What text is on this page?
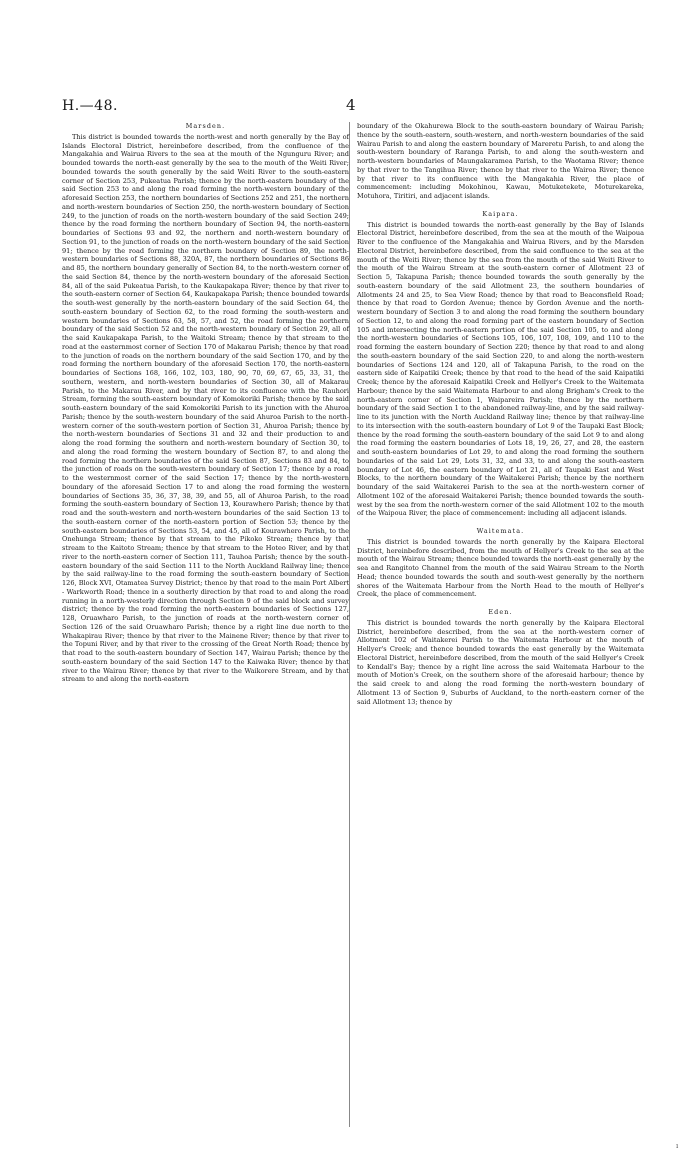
H.—48.	4
Marsden.

This district is bounded towards the north-west and north generally by the Bay of Islands Electoral District, hereinbefore described, from the confluence of the Mangakahia and Wairua Rivers to the sea at the mouth of the Ngunguru River; and bounded towards the north-east generally by the sea to the mouth of the Weiti River; bounded towards the south generally by the said Weiti River to the south-eastern corner of Section 253, Pukeatua Parish; thence by the north-eastern boundary of the said Section 253 to and along the road forming the north-western boundary of the aforesaid Section 253, the northern boundaries of Sections 252 and 251, the northern and north-western boundaries of Section 250, the north-western boundary of Section 249, to the junction of roads on the north-western boundary of the said Section 249; thence by the road forming the northern boundary of Section 94, the north-eastern boundaries of Sections 93 and 92, the northern and north-western boundary of Section 91, to the junction of roads on the north-western boundary of the said Section 91; thence by the road forming the northern boundary of Section 89, the north-western boundaries of Sections 88, 320A, 87, the northern boundaries of Sections 86 and 85, the northern boundary generally of Section 84, to the north-western corner of the said Section 84, thence by the north-western boundary of the aforesaid Section 84, all of the said Pukeatua Parish, to the Kaukapakapa River; thence by that river to the south-eastern corner of Section 64, Kaukapakapa Parish; thence bounded towards the south-west generally by the north-eastern boundary of the said Section 64, the south-eastern boundary of Section 62, to the road forming the south-western and western boundaries of Sections 63, 58, 57, and 52, the road forming the northern boundary of the said Section 52 and the north-western boundary of Section 29, all of the said Kaukapakapa Parish, to the Waitoki Stream; thence by that stream to the road at the easternmost corner of Section 170 of Makarau Parish; thence by that road to the junction of roads on the northern boundary of the said Section 170, and by the road forming the northern boundary of the aforesaid Section 170, the north-eastern boundaries of Sections 168, 166, 102, 103, 180, 90, 70, 69, 67, 65, 33, 31, the southern, western, and north-western boundaries of Section 30, all of Makarau Parish, to the Makarau River, and by that river to its confluence with the Rauhori Stream, forming the south-eastern boundary of Komokoriki Parish; thence by the said south-eastern boundary of the said Komokoriki Parish to its junction with the Ahuroa Parish; thence by the south-western boundary of the said Ahuroa Parish to the north-western corner of the south-western portion of Section 31, Ahuroa Parish; thence by the north-western boundaries of Sections 31 and 32 and their production to and along the road forming the southern and north-western boundary of Section 30, to and along the road forming the western boundary of Section 87, to and along the road forming the northern boundaries of the said Section 87, Sections 83 and 84, to the junction of roads on the south-western boundary of Section 17; thence by a road to the westernmost corner of the said Section 17; thence by the north-western boundary of the aforesaid Section 17 to and along the road forming the western boundaries of Sections 35, 36, 37, 38, 39, and 55, all of Ahuroa Parish, to the road forming the south-eastern boundary of Section 13, Kourawhero Parish; thence by that road and the south-western and north-western boundaries of the said Section 13 to the south-eastern corner of the north-eastern portion of Section 53; thence by the south-eastern boundaries of Sections 53, 54, and 45, all of Kourawhero Parish, to the Onehunga Stream; thence by that stream to the Pikoko Stream; thence by that stream to the Kaitoto Stream; thence by that stream to the Hoteo River, and by that river to the north-eastern corner of Section 111, Tauhoa Parish; thence by the south-eastern boundary of the said Section 111 to the North Auckland Railway line; thence by the said railway-line to the road forming the south-eastern boundary of Section 126, Block XVI, Otamatea Survey District; thence by that road to the main Port Albert - Warkworth Road; thence in a southerly direction by that road to and along the road running in a north-westerly direction through Section 9 of the said block and survey district; thence by the road forming the north-eastern boundaries of Sections 127, 128, Oruawharo Parish, to the junction of roads at the north-western corner of Section 126 of the said Oruawharo Parish; thence by a right line due north to the Whakapirau River; thence by that river to the Mainene River; thence by that river to the Topuni River, and by that river to the crossing of the Great North Road; thence by that road to the south-eastern boundary of Section 147, Wairau Parish; thence by the south-eastern boundary of the said Section 147 to the Kaiwaka River; thence by that river to the Wairau River; thence by that river to the Waikorere Stream, and by that stream to and along the north-eastern

boundary of the Okahurewa Block to the south-eastern boundary of Wairau Parish; thence by the south-eastern, south-western, and north-western boundaries of the said Wairau Parish to and along the eastern boundary of Mareretu Parish, to and along the south-western boundary of Raranga Parish, to and along the south-western and north-western boundaries of Maungakaramea Parish, to the Waotama River; thence by that river to the Tangihua River; thence by that river to the Wairoa River; thence by that river to its confluence with the Mangakahia River, the place of commencement: including Mokohinou, Kawau, Motuketekete, Moturekareka, Motuhora, Tiritiri, and adjacent islands.

Kaipara.

This district is bounded towards the north-east generally by the Bay of Islands Electoral District, hereinbefore described, from the sea at the mouth of the Waipoua River to the confluence of the Mangakahia and Wairua Rivers, and by the Marsden Electoral District, hereinbefore described, from the said confluence to the sea at the mouth of the Weiti River; thence by the sea from the mouth of the said Weiti River to the mouth of the Wairau Stream at the south-eastern corner of Allotment 23 of Section 5, Takapuna Parish; thence bounded towards the south generally by the south-eastern boundary of the said Allotment 23, the southern boundaries of Allotments 24 and 25, to Sea View Road; thence by that road to Beaconsfield Road; thence by that road to Gordon Avenue; thence by Gordon Avenue and the north-western boundary of Section 3 to and along the road forming the southern boundary of Section 12, to and along the road forming part of the eastern boundary of Section 105 and intersecting the north-eastern portion of the said Section 105, to and along the north-western boundaries of Sections 105, 106, 107, 108, 109, and 110 to the road forming the eastern boundary of Section 220; thence by that road to and along the south-eastern boundary of the said Section 220, to and along the north-western boundaries of Sections 124 and 120, all of Takapuna Parish, to the road on the eastern side of Kaipatiki Creek; thence by that road to the head of the said Kaipatiki Creek; thence by the aforesaid Kaipatiki Creek and Hellyer's Creek to the Waitemata Harbour; thence by the said Waitemata Harbour to and along Brigham's Creek to the north-eastern corner of Section 1, Waipareira Parish; thence by the northern boundary of the said Section 1 to the abandoned railway-line, and by the said railway-line to its junction with the North Auckland Railway line; thence by that railway-line to its intersection with the south-eastern boundary of Lot 9 of the Taupaki East Block; thence by the road forming the south-eastern boundary of the said Lot 9 to and along the road forming the eastern boundaries of Lots 18, 19, 26, 27, and 28, the eastern and south-eastern boundaries of Lot 29, to and along the road forming the southern boundaries of the said Lot 29, Lots 31, 32, and 33, to and along the south-eastern boundary of Lot 46, the eastern boundary of Lot 21, all of Taupaki East and West Blocks, to the northern boundary of the Waitakerei Parish; thence by the northern boundary of the said Waitakerei Parish to the sea at the north-western corner of Allotment 102 of the aforesaid Waitakerei Parish; thence bounded towards the south-west by the sea from the north-western corner of the said Allotment 102 to the mouth of the Waipoua River, the place of commencement: including all adjacent islands.

Waitemata.

This district is bounded towards the north generally by the Kaipara Electoral District, hereinbefore described, from the mouth of Hellyer's Creek to the sea at the mouth of the Wairau Stream; thence bounded towards the north-east generally by the sea and Rangitoto Channel from the mouth of the said Wairau Stream to the North Head; thence bounded towards the south and south-west generally by the northern shores of the Waitemata Harbour from the North Head to the mouth of Hellyer's Creek, the place of commencement.

Eden.

This district is bounded towards the north generally by the Kaipara Electoral District, hereinbefore described, from the sea at the north-western corner of Allotment 102 of Waitakerei Parish to the Waitemata Harbour at the mouth of Hellyer's Creek; and thence bounded towards the east generally by the Waitemata Electoral District, hereinbefore described, from the mouth of the said Hellyer's Creek to Kendall's Bay; thence by a right line across the said Waitemata Harbour to the mouth of Motion's Creek, on the southern shore of the aforesaid harbour; thence by the said creek to and along the road forming the north-western boundary of Allotment 13 of Section 9, Suburbs of Auckland, to the north-eastern corner of the said Allotment 13; thence by

ı
